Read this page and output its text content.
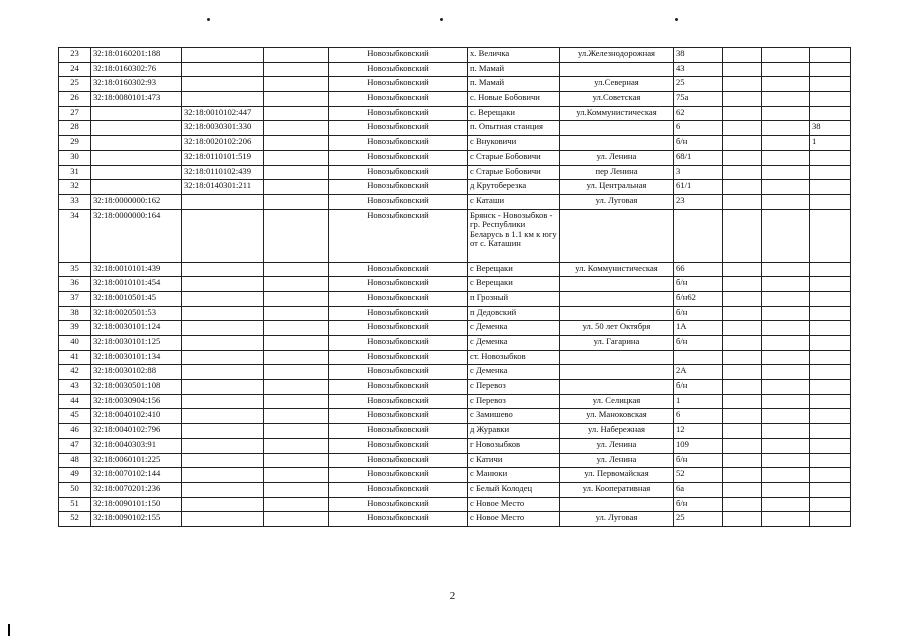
23	32:18:0160201:188			Новозыбковский	х. Величка	ул.Железнодорожная	38			
24	32:18:0160302:76			Новозыбковский	п. Мамай		43			
25	32:18:0160302:93			Новозыбковский	п. Мамай	ул.Северная	25			
26	32:18:0080101:473			Новозыбковский	с. Новые Бобовичи	ул.Советская	75а			
27		32:18:0010102:447		Новозыбковский	с. Верещаки	ул.Коммунистическая	62			
28		32:18:0030301:330		Новозыбковский	п. Опытная станция		6			38
29		32:18:0020102:206		Новозыбковский	с Внуковичи		б/н			1
30		32:18:0110101:519		Новозыбковский	с Старые Бобовичи	ул. Ленина	68/1			
31		32:18:0110102:439		Новозыбковский	с Старые Бобовичи	пер Ленина	3			
32		32:18:0140301:211		Новозыбковский	д Крутоберезка	ул. Центральная	61/1			
33	32:18:0000000:162			Новозыбковский	с Каташи	ул. Луговая	23			
34	32:18:0000000:164			Новозыбковский	Брянск - Новозыбков - гр. Республики Беларусь в 1.1 км к югу от с. Каташин					
35	32:18:0010101:439			Новозыбковский	с Верещаки	ул. Коммунистическая	66			
36	32:18:0010101:454			Новозыбковский	с Верещаки		б/н			
37	32:18:0010501:45			Новозыбковский	п Грозный		б/н62			
38	32:18:0020501:53			Новозыбковский	п Дедовский		б/н			
39	32:18:0030101:124			Новозыбковский	с Деменка	ул. 50 лет Октября	1А			
40	32:18:0030101:125			Новозыбковский	с Деменка	ул. Гагарина	б/н			
41	32:18:0030101:134			Новозыбковский	ст. Новозыбков					
42	32:18:0030102:88			Новозыбковский	с Деменка		2А			
43	32:18:0030501:108			Новозыбковский	с Перевоз		б/н			
44	32:18:0030904:156			Новозыбковский	с Перевоз	ул. Селицкая	1			
45	32:18:0040102:410			Новозыбковский	с Замишево	ул. Маноковская	6			
46	32:18:0040102:796			Новозыбковский	д Журавки	ул. Набережная	12			
47	32:18:0040303:91			Новозыбковский	г Новозыбков	ул. Ленина	109			
48	32:18:0060101:225			Новозыбковский	с Катичи	ул. Ленина	б/н			
49	32:18:0070102:144			Новозыбковский	с Манюки	ул. Первомайская	52			
50	32:18:0070201:236			Новозыбковский	с Белый Колодец	ул. Кооперативная	6а			
51	32:18:0090101:150			Новозыбковский	с Новое Место		б/н			
52	32:18:0090102:155			Новозыбковский	с Новое Место	ул. Луговая	25			
2
